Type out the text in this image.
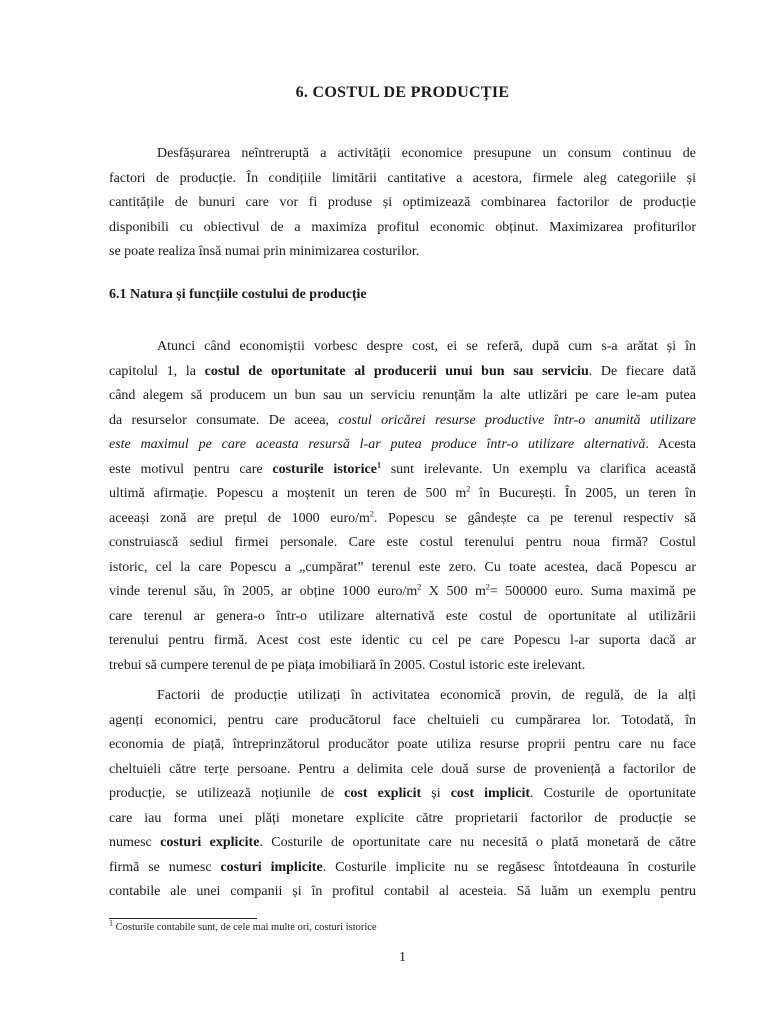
6. COSTUL DE PRODUCȚIE
Desfășurarea neîntreruptă a activității economice presupune un consum continuu de
factori de producție. În condițiile limitării cantitative a acestora, firmele aleg categoriile și
cantitățile de bunuri care vor fi produse și optimizează combinarea factorilor de producție
disponibili cu obiectivul de a maximiza profitul economic obținut. Maximizarea profiturilor
se poate realiza însă numai prin minimizarea costurilor.
6.1 Natura și funcțiile costului de producție
Atunci când economiștii vorbesc despre cost, ei se referă, după cum s-a arătat și în
capitolul 1, la costul de oportunitate al producerii unui bun sau serviciu. De fiecare dată
când alegem să producem un bun sau un serviciu renunțăm la alte utlizări pe care le-am putea
da resurselor consumate. De aceea, costul oricărei resurse productive într-o anumită utilizare
este maximul pe care aceasta resursă l-ar putea produce într-o utilizare alternativă. Acesta
este motivul pentru care costurile istorice$^1$ sunt irelevante. Un exemplu va clarifica această
ultimă afirmație. Popescu a moștenit un teren de 500 $m^2$ în București. În 2005, un teren în
aceeași zonă are prețul de 1000 euro/$m^2$. Popescu se gândește ca pe terenul respectiv să
construiască sediul firmei personale. Care este costul terenului pentru noua firmă? Costul
istoric, cel la care Popescu a „cumpărat” terenul este zero. Cu toate acestea, dacă Popescu ar
vinde terenul său, în 2005, ar obține 1000 euro/$m^2$ X 500 $m^2= 500000$ euro. Suma maximă pe
care terenul ar genera-o într-o utilizare alternativă este costul de oportunitate al utilizării
terenului pentru firmă. Acest cost este identic cu cel pe care Popescu l-ar suporta dacă ar
trebui să cumpere terenul de pe piața imobiliară în 2005. Costul istoric este irelevant.
Factorii de producție utilizați în activitatea economică provin, de regulă, de la alți
agenți economici, pentru care producătorul face cheltuieli cu cumpărarea lor. Totodată, în
economia de piață, întreprinzătorul producător poate utiliza resurse proprii pentru care nu face
cheltuieli către terțe persoane. Pentru a delimita cele două surse de proveniență a factorilor de
producție, se utilizează noțiunile de cost explicit și cost implicit. Costurile de oportunitate
care iau forma unei plăți monetare explicite către proprietarii factorilor de producție se
numesc costuri explicite. Costurile de oportunitate care nu necesită o plată monetară de către
firmă se numesc costuri implicite. Costurile implicite nu se regăsesc întotdeauna în costurile
contabile ale unei companii și în profitul contabil al acesteia. Să luăm un exemplu pentru
$^1$ Costurile contabile sunt, de cele mai multe ori, costuri istorice
1
